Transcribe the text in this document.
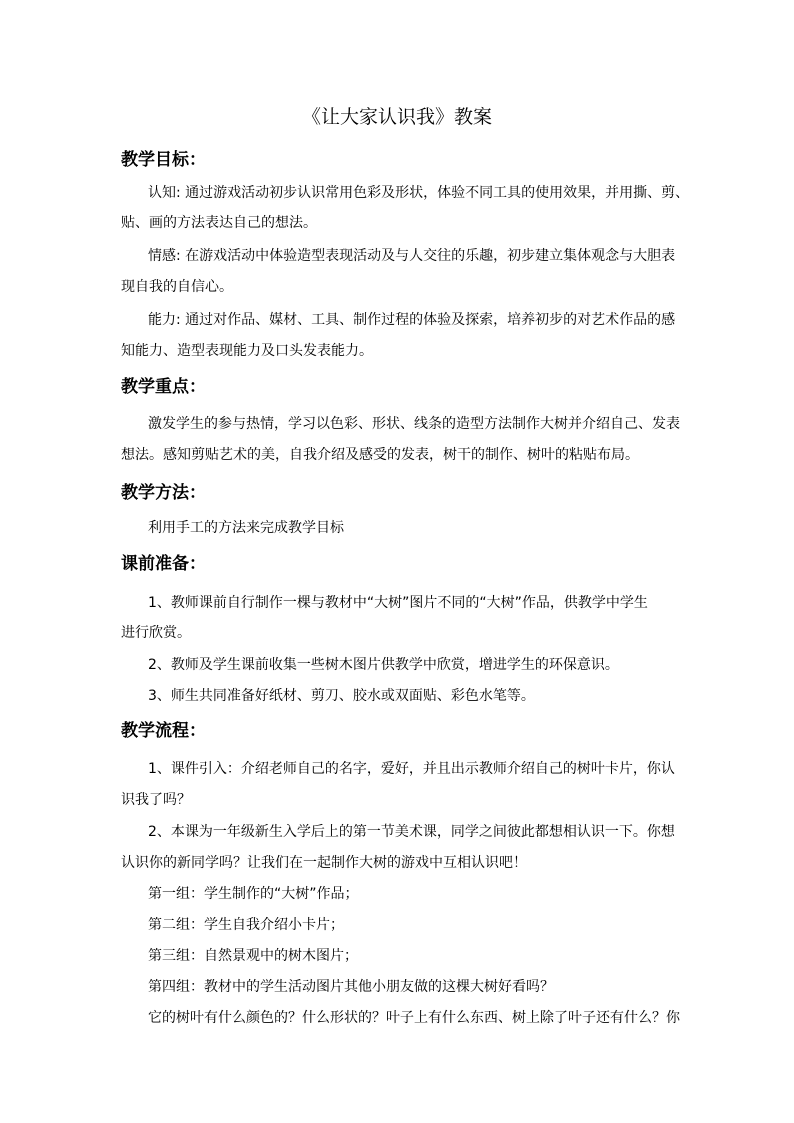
《让大家认识我》教案
教学目标：
认知: 通过游戏活动初步认识常用色彩及形状，体验不同工具的使用效果，并用撕、剪、
贴、画的方法表达自己的想法。
情感: 在游戏活动中体验造型表现活动及与人交往的乐趣，初步建立集体观念与大胆表
现自我的自信心。
能力: 通过对作品、媒材、工具、制作过程的体验及探索，培养初步的对艺术作品的感
知能力、造型表现能力及口头发表能力。
教学重点：
激发学生的参与热情，学习以色彩、形状、线条的造型方法制作大树并介绍自己、发表
想法。感知剪贴艺术的美，自我介绍及感受的发表，树干的制作、树叶的粘贴布局。
教学方法：
利用手工的方法来完成教学目标
课前准备：
1、教师课前自行制作一棵与教材中“大树”图片不同的“大树”作品，供教学中学生
进行欣赏。
2、教师及学生课前收集一些树木图片供教学中欣赏，增进学生的环保意识。
3、师生共同准备好纸材、剪刀、胶水或双面贴、彩色水笔等。
教学流程：
1、课件引入：介绍老师自己的名字，爱好，并且出示教师介绍自己的树叶卡片，你认
识我了吗？
2、本课为一年级新生入学后上的第一节美术课，同学之间彼此都想相认识一下。你想
认识你的新同学吗？让我们在一起制作大树的游戏中互相认识吧！
第一组：学生制作的“大树”作品；
第二组：学生自我介绍小卡片；
第三组：自然景观中的树木图片；
第四组：教材中的学生活动图片其他小朋友做的这棵大树好看吗？
它的树叶有什么颜色的？什么形状的？叶子上有什么东西、树上除了叶子还有什么？你
